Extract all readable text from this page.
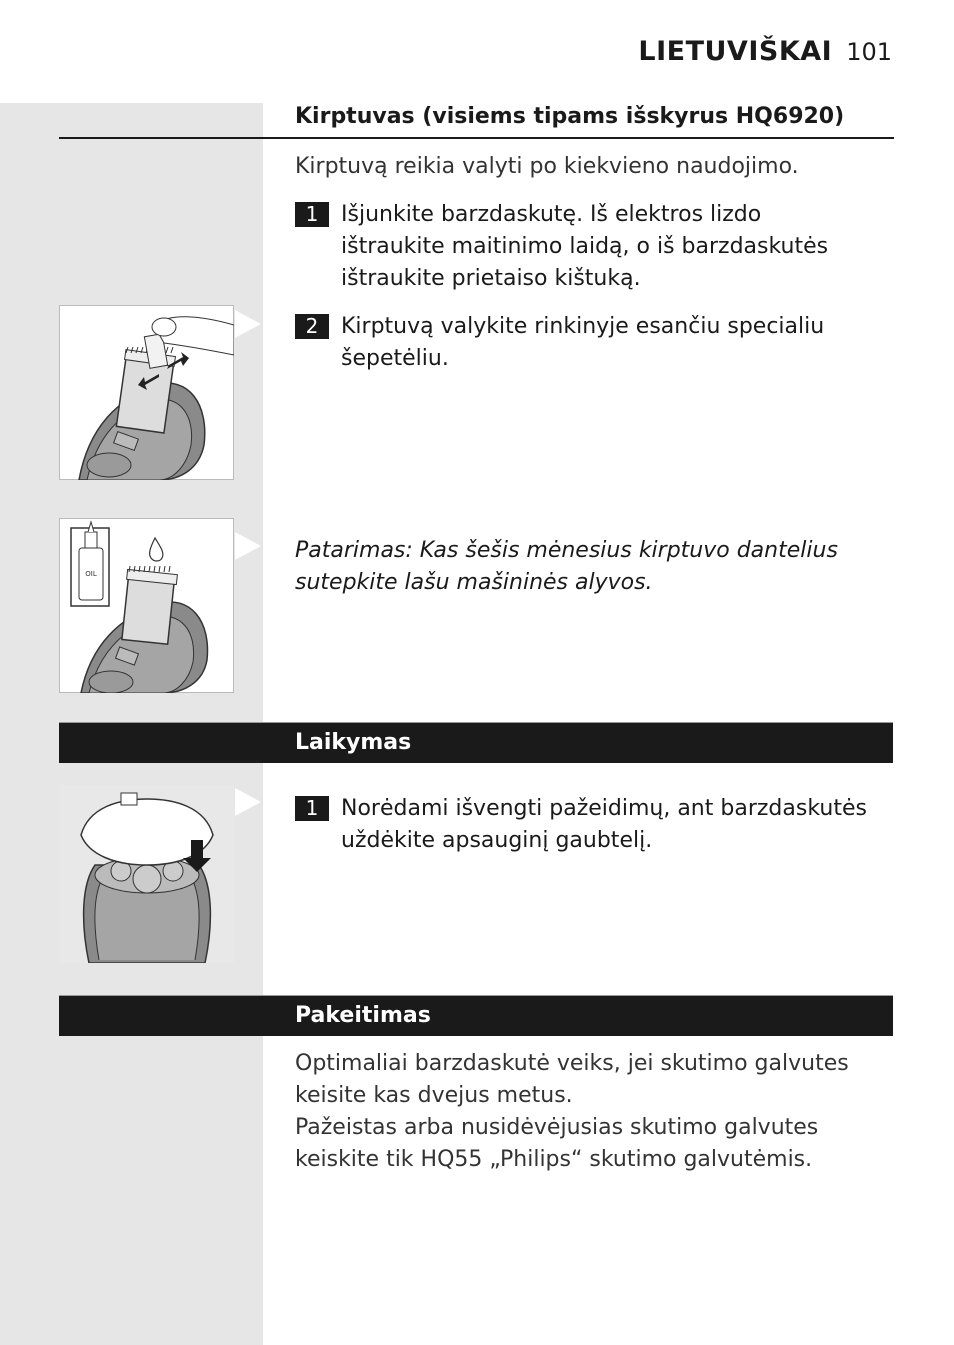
LIETUVIŠKAI 101
Kirptuvas (visiems tipams išskyrus HQ6920)
Kirptuvą reikia valyti po kiekvieno naudojimo.
1	Išjunkite barzdaskutę. Iš elektros lizdo
ištraukite maitinimo laidą, o iš barzdaskutės
ištraukite prietaiso kištuką.
2	Kirptuvą valykite rinkinyje esančiu specialiu
šepetėliu.
OIL
Patarimas: Kas šešis mėnesius kirptuvo dantelius
sutepkite lašu mašininės alyvos.
Laikymas
1	Norėdami išvengti pažeidimų, ant barzdaskutės
uždėkite apsauginį gaubtelį.
Pakeitimas
Optimaliai barzdaskutė veiks, jei skutimo galvutes
keisite kas dvejus metus.
Pažeistas arba nusidėvėjusias skutimo galvutes
keiskite tik HQ55 „Philips“ skutimo galvutėmis.
